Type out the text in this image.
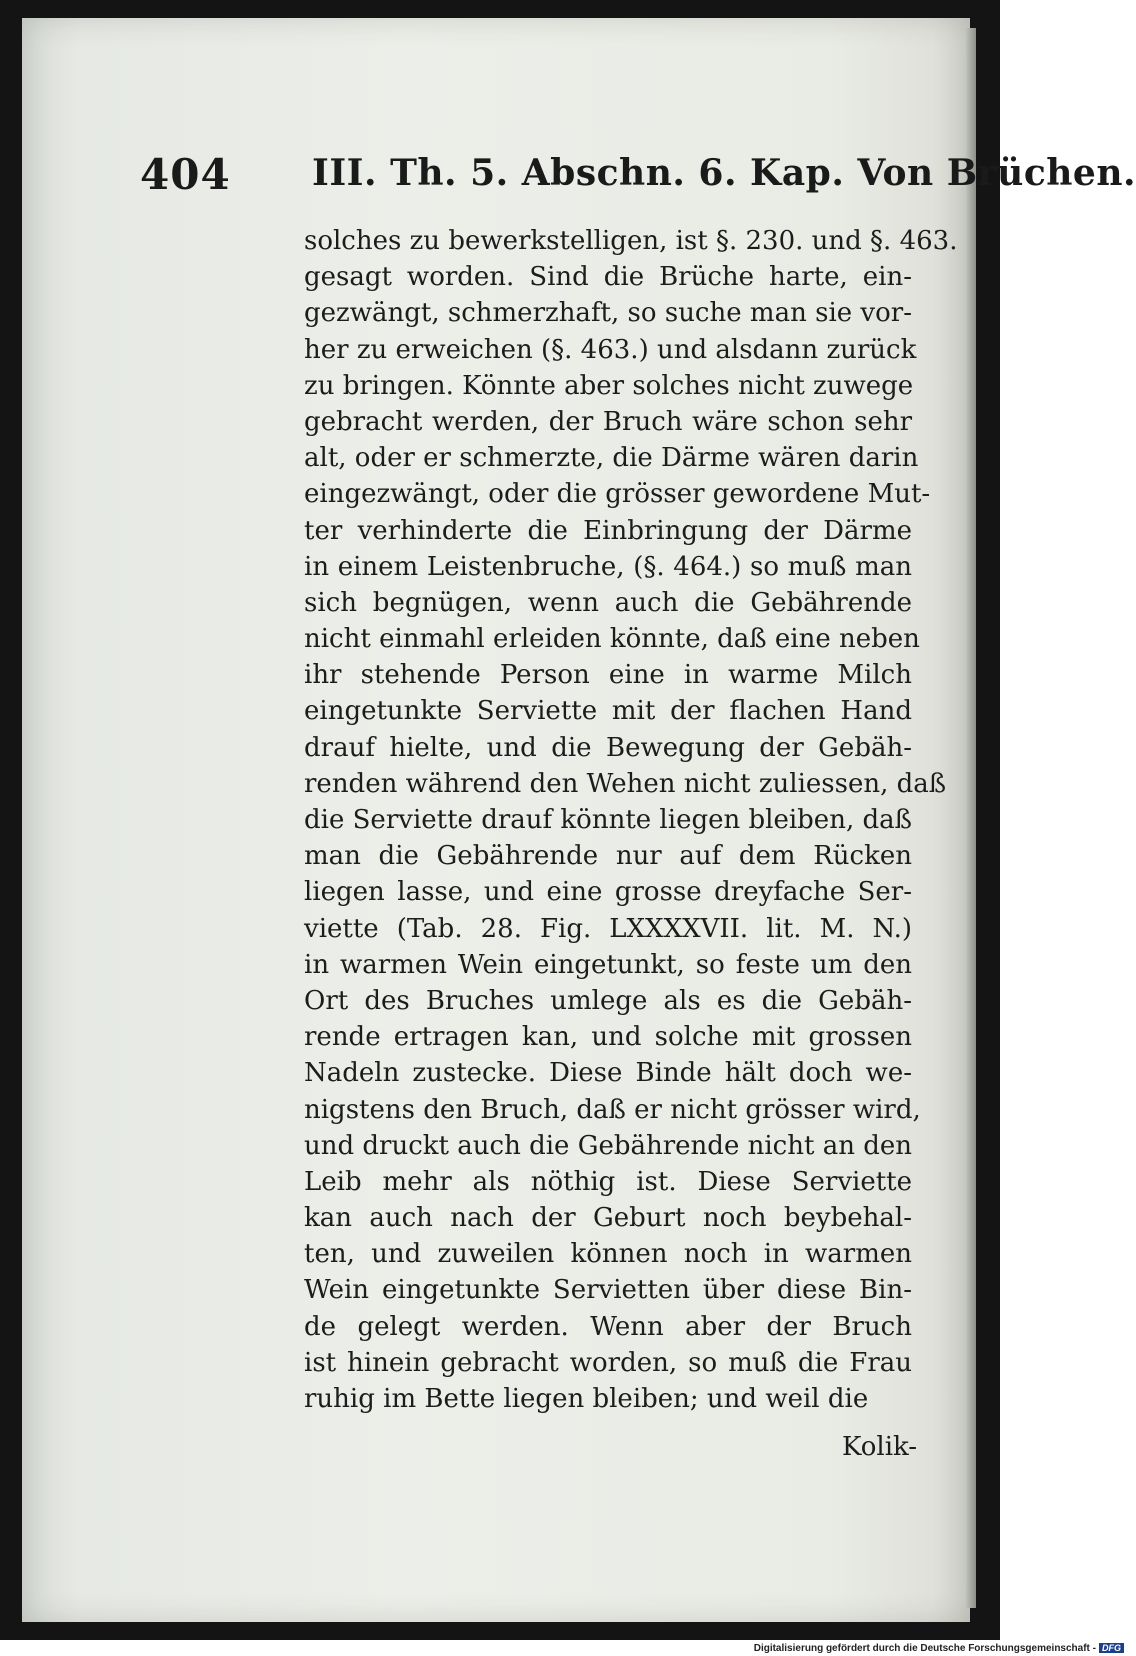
404 III. Th. 5. Abschn. 6. Kap. Von Brüchen.
solches zu bewerkstelligen, ist §. 230. und §. 463.
gesagt worden. Sind die Brüche harte, ein-
gezwängt, schmerzhaft, so suche man sie vor-
her zu erweichen (§. 463.) und alsdann zurück
zu bringen. Könnte aber solches nicht zuwege
gebracht werden, der Bruch wäre schon sehr
alt, oder er schmerzte, die Därme wären darin
eingezwängt, oder die grösser gewordene Mut-
ter verhinderte die Einbringung der Därme
in einem Leistenbruche, (§. 464.) so muß man
sich begnügen, wenn auch die Gebährende
nicht einmahl erleiden könnte, daß eine neben
ihr stehende Person eine in warme Milch
eingetunkte Serviette mit der flachen Hand
drauf hielte, und die Bewegung der Gebäh-
renden während den Wehen nicht zuliessen, daß
die Serviette drauf könnte liegen bleiben, daß
man die Gebährende nur auf dem Rücken
liegen lasse, und eine grosse dreyfache Ser-
viette (Tab. 28. Fig. LXXXXVII. lit. M. N.)
in warmen Wein eingetunkt, so feste um den
Ort des Bruches umlege als es die Gebäh-
rende ertragen kan, und solche mit grossen
Nadeln zustecke. Diese Binde hält doch we-
nigstens den Bruch, daß er nicht grösser wird,
und druckt auch die Gebährende nicht an den
Leib mehr als nöthig ist. Diese Serviette
kan auch nach der Geburt noch beybehal-
ten, und zuweilen können noch in warmen
Wein eingetunkte Servietten über diese Bin-
de gelegt werden. Wenn aber der Bruch
ist hinein gebracht worden, so muß die Frau
ruhig im Bette liegen bleiben; und weil die
Kolik-
Digitalisierung gefördert durch die Deutsche Forschungsgemeinschaft - DFG
